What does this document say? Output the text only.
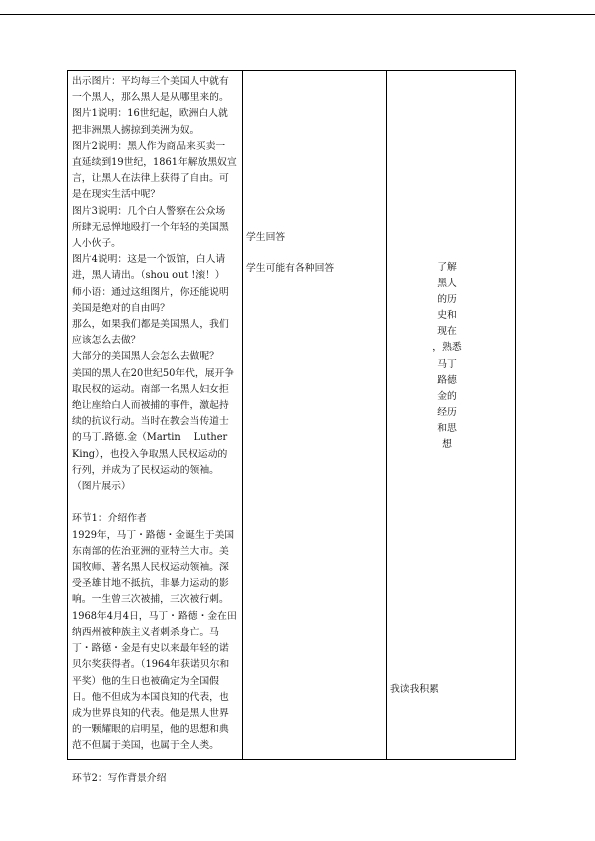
出示图片：平均每三个美国人中就有
一个黑人，那么黑人是从哪里来的。
图片1说明：16世纪起，欧洲白人就
把非洲黑人掳掠到美洲为奴。
图片2说明：黑人作为商品来买卖一
直延续到19世纪，1861年解放黑奴宣
言，让黑人在法律上获得了自由。可
是在现实生活中呢？
图片3说明：几个白人警察在公众场
所肆无忌惮地殴打一个年轻的美国黑
人小伙子。
图片4说明：这是一个饭馆，白人请
进，黑人请出。（shou out !滚！）
师小语：通过这组图片，你还能说明
美国是绝对的自由吗？
那么，如果我们都是美国黑人，我们
应该怎么去做？
大部分的美国黑人会怎么去做呢？
美国的黑人在20世纪50年代，展开争
取民权的运动。南部一名黑人妇女拒
绝让座给白人而被捕的事件，激起持
续的抗议行动。当时在教会当传道士
的马丁.路德.金（Martin　 Luther
King），也投入争取黑人民权运动的
行列，并成为了民权运动的领袖。
（图片展示）
环节1：介绍作者
1929年，马丁・路德・金诞生于美国
东南部的佐治亚洲的亚特兰大市。美
国牧师、著名黑人民权运动领袖。深
受圣雄甘地不抵抗，非暴力运动的影
响。一生曾三次被捕，三次被行刺。
1968年4月4日，马丁・路德・金在田
纳西州被种族主义者刺杀身亡。马
丁・路德・金是有史以来最年轻的诺
贝尔奖获得者。（1964年获诺贝尔和
平奖）他的生日也被确定为全国假
日。他不但成为本国良知的代表，也
成为世界良知的代表。他是黑人世界
的一颗耀眼的启明星，他的思想和典
范不但属于美国，也属于全人类。
环节2：写作背景介绍
学生回答
学生可能有各种回答	了解
黑人
的历
史和
现在
，熟悉
马丁
路德
金的
经历
和思
想
我读我积累
